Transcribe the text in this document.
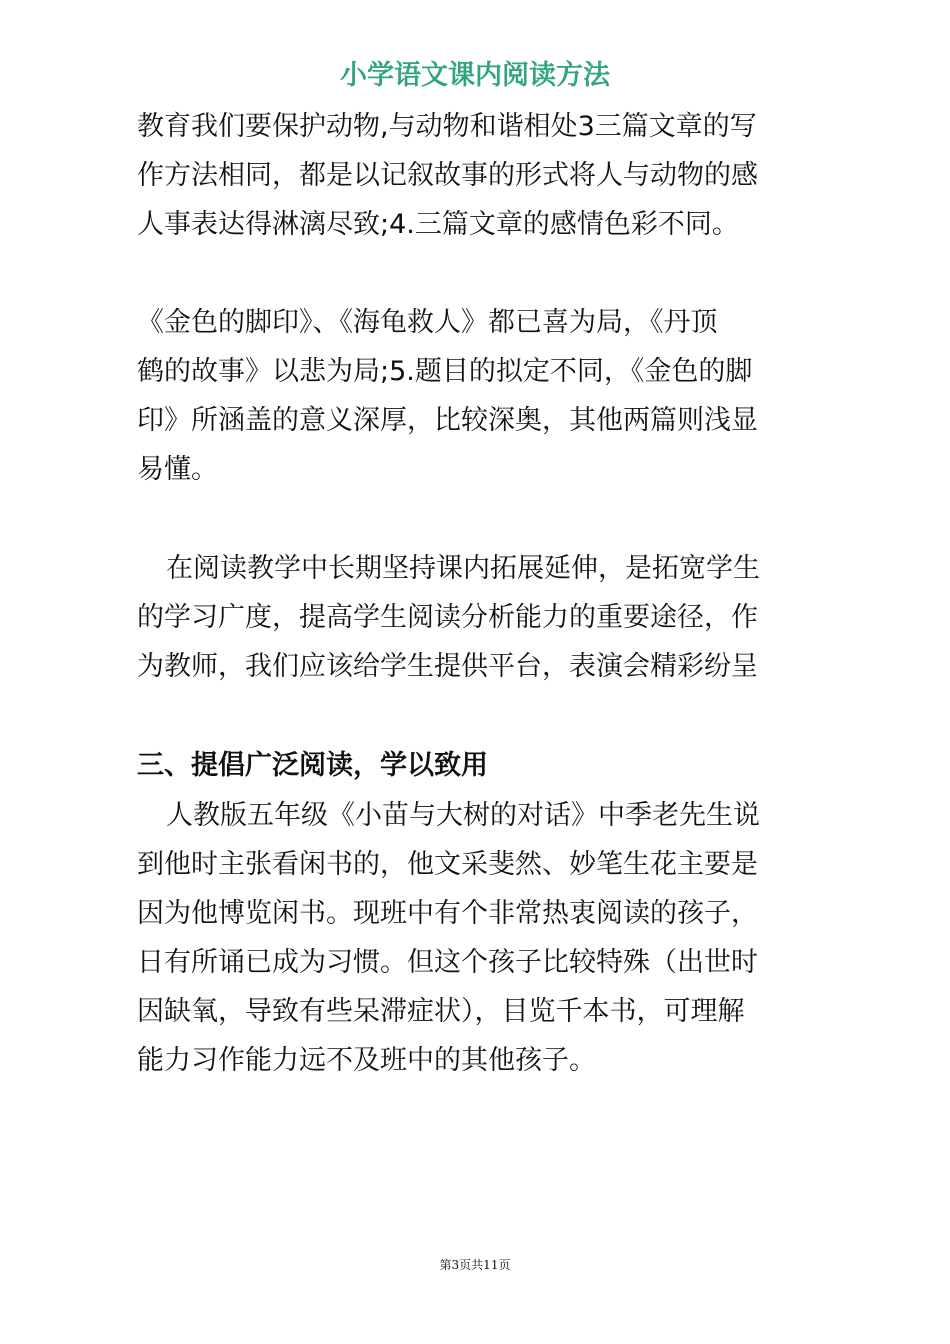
小学语文课内阅读方法
教育我们要保护动物,与动物和谐相处3三篇文章的写
作方法相同，都是以记叙故事的形式将人与动物的感
人事表达得淋漓尽致;4.三篇文章的感情色彩不同。
《金色的脚印》、《海龟救人》都已喜为局，《丹顶
鹤的故事》以悲为局;5.题目的拟定不同，《金色的脚
印》所涵盖的意义深厚，比较深奥，其他两篇则浅显
易懂。
在阅读教学中长期坚持课内拓展延伸，是拓宽学生
的学习广度，提高学生阅读分析能力的重要途径，作
为教师，我们应该给学生提供平台，表演会精彩纷呈
三、提倡广泛阅读，学以致用
人教版五年级《小苗与大树的对话》中季老先生说
到他时主张看闲书的，他文采斐然、妙笔生花主要是
因为他博览闲书。现班中有个非常热衷阅读的孩子，
日有所诵已成为习惯。但这个孩子比较特殊（出世时
因缺氧，导致有些呆滞症状），目览千本书，可理解
能力习作能力远不及班中的其他孩子。
第3页共11页
